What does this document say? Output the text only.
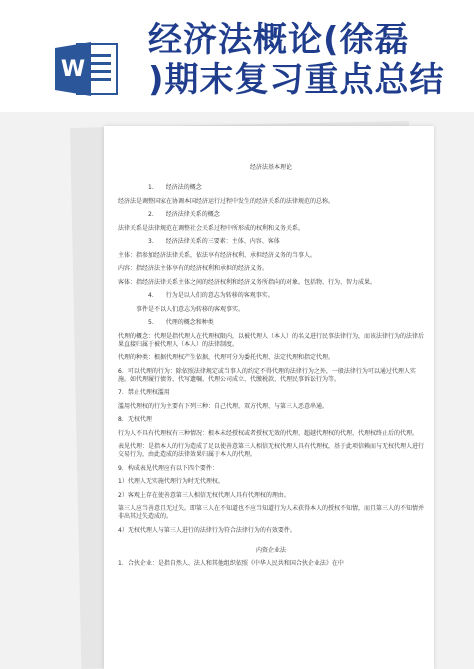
W
经济法概论(徐磊
)期末复习重点总结
经济法基本理论
1.　　经济法的概念
经济法是调整国家在协调本国经济运行过程中发生的经济关系的法律规范的总称。
2.　　经济法律关系的概念
法律关系是法律规范在调整社会关系过程中所形成的权利和义务关系。
3.　　经济法律关系的三要素：主体、内容、客体
主体：指参加经济法律关系，依法享有经济权利、承担经济义务的当事人。
内容：指经济法主体享有的经济权利和承担的经济义务。
客体：指经济法律关系主体之间的经济权利和经济义务所指向的对象。包括物、行为、智力成果。
4.　　行为是以人们的意志为转移的客观事实。
事件是不以人们意志为转移的客观事实。
5.　　代理的概念和种类
代理的概念：代理是指代理人在代理权限内，以被代理人（本人）的名义进行民事法律行为，而该法律行为的法律后果直接归属于被代理人（本人）的法律制度。
代理的种类：根据代理权产生依据，代理可分为委托代理、法定代理和指定代理。
6．可以代理的行为：除依照法律规定或当事人的约定不得代理的法律行为之外，一般法律行为可以通过代理人实施。如代理履行债务、代写遗嘱、代理公司成立、代缴税款、代理民事诉讼行为等。
7．禁止代理权滥用
滥用代理权的行为主要有下列三种：自己代理、双方代理、与第三人恶意串通。
8．无权代理
行为人不具有代理权有三种情况：根本未经授权或者授权无效的代理、超越代理权的代理、代理权终止后的代理。
表见代理：是指本人的行为造成了足以使善意第三人相信无权代理人具有代理权，基于此项信赖而与无权代理人进行交易行为，由此造成的法律效果归属于本人的代理。
9．构成表见代理应有以下四个要件：
1）代理人无实施代理行为时无代理权。
2）客观上存在使善意第三人相信无权代理人具有代理权的理由。
第三人应当善意且无过失。即第三人在不知道也不应当知道行为人未获得本人的授权不知情，而且第三人的不知情并非出其过失造成的。
4）无权代理人与第三人进行的法律行为符合法律行为的有效要件。
内资企业法
1．合伙企业：是指自然人、法人和其他组织依照《中华人民共和国合伙企业法》在中
